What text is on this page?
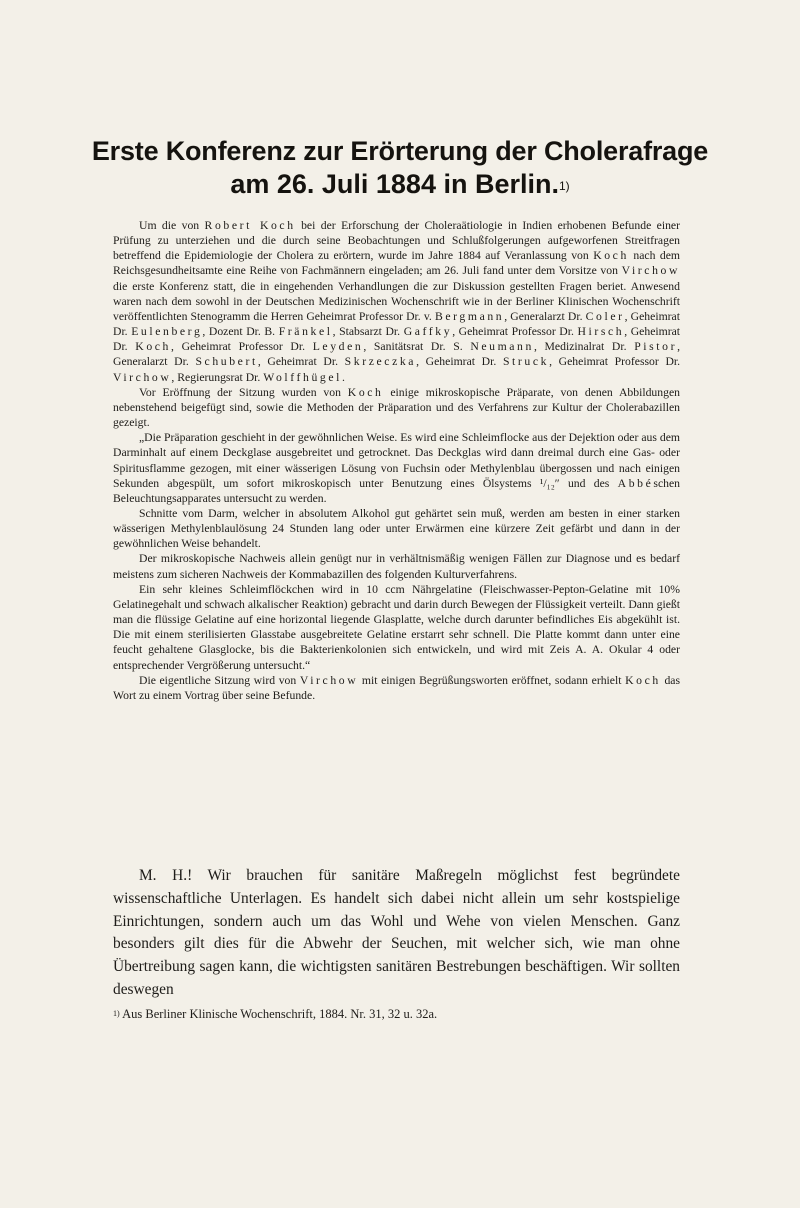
Erste Konferenz zur Erörterung der Cholerafrage
am 26. Juli 1884 in Berlin.$^{1)}$

Um die von Robert Koch bei der Erforschung der Choleraätiologie in Indien erhobenen Befunde einer Prüfung zu unterziehen und die durch seine Beobachtungen und Schlußfolgerungen aufgeworfenen Streitfragen betreffend die Epidemiologie der Cholera zu erörtern, wurde im Jahre 1884 auf Veranlassung von Koch nach dem Reichsgesundheitsamte eine Reihe von Fachmännern eingeladen; am 26. Juli fand unter dem Vorsitze von Virchow die erste Konferenz statt, die in eingehenden Verhandlungen die zur Diskussion gestellten Fragen beriet. Anwesend waren nach dem sowohl in der Deutschen Medizinischen Wochenschrift wie in der Berliner Klinischen Wochenschrift veröffentlichten Stenogramm die Herren Geheimrat Professor Dr. v. Bergmann, Generalarzt Dr. Coler, Geheimrat Dr. Eulenberg, Dozent Dr. B. Fränkel, Stabsarzt Dr. Gaffky, Geheimrat Professor Dr. Hirsch, Geheimrat Dr. Koch, Geheimrat Professor Dr. Leyden, Sanitätsrat Dr. S. Neumann, Medizinalrat Dr. Pistor, Generalarzt Dr. Schubert, Geheimrat Dr. Skrzeczka, Geheimrat Dr. Struck, Geheimrat Professor Dr. Virchow, Regierungsrat Dr. Wolffhügel.

Vor Eröffnung der Sitzung wurden von Koch einige mikroskopische Präparate, von denen Abbildungen nebenstehend beigefügt sind, sowie die Methoden der Präparation und des Verfahrens zur Kultur der Cholerabazillen gezeigt.

„Die Präparation geschieht in der gewöhnlichen Weise. Es wird eine Schleimflocke aus der Dejektion oder aus dem Darminhalt auf einem Deckglase ausgebreitet und getrocknet. Das Deckglas wird dann dreimal durch eine Gas- oder Spiritusflamme gezogen, mit einer wässerigen Lösung von Fuchsin oder Methylenblau übergossen und nach einigen Sekunden abgespült, um sofort mikroskopisch unter Benutzung eines Ölsystems ¹/₁₂″ und des Abbéschen Beleuchtungsapparates untersucht zu werden.

Schnitte vom Darm, welcher in absolutem Alkohol gut gehärtet sein muß, werden am besten in einer starken wässerigen Methylenblaulösung 24 Stunden lang oder unter Erwärmen eine kürzere Zeit gefärbt und dann in der gewöhnlichen Weise behandelt.

Der mikroskopische Nachweis allein genügt nur in verhältnismäßig wenigen Fällen zur Diagnose und es bedarf meistens zum sicheren Nachweis der Kommabazillen des folgenden Kulturverfahrens.

Ein sehr kleines Schleimflöckchen wird in 10 ccm Nährgelatine (Fleischwasser-Pepton-Gelatine mit 10% Gelatinegehalt und schwach alkalischer Reaktion) gebracht und darin durch Bewegen der Flüssigkeit verteilt. Dann gießt man die flüssige Gelatine auf eine horizontal liegende Glasplatte, welche durch darunter befindliches Eis abgekühlt ist. Die mit einem sterilisierten Glasstabe ausgebreitete Gelatine erstarrt sehr schnell. Die Platte kommt dann unter eine feucht gehaltene Glasglocke, bis die Bakterienkolonien sich entwickeln, und wird mit Zeis A. A. Okular 4 oder entsprechender Vergrößerung untersucht.“

Die eigentliche Sitzung wird von Virchow mit einigen Begrüßungsworten eröffnet, sodann erhielt Koch das Wort zu einem Vortrag über seine Befunde.

M. H.! Wir brauchen für sanitäre Maßregeln möglichst fest begründete wissenschaftliche Unterlagen. Es handelt sich dabei nicht allein um sehr kostspielige Einrichtungen, sondern auch um das Wohl und Wehe von vielen Menschen. Ganz besonders gilt dies für die Abwehr der Seuchen, mit welcher sich, wie man ohne Übertreibung sagen kann, die wichtigsten sanitären Bestrebungen beschäftigen. Wir sollten deswegen

$^{1)}$ Aus Berliner Klinische Wochenschrift, 1884. Nr. 31, 32 u. 32a.
